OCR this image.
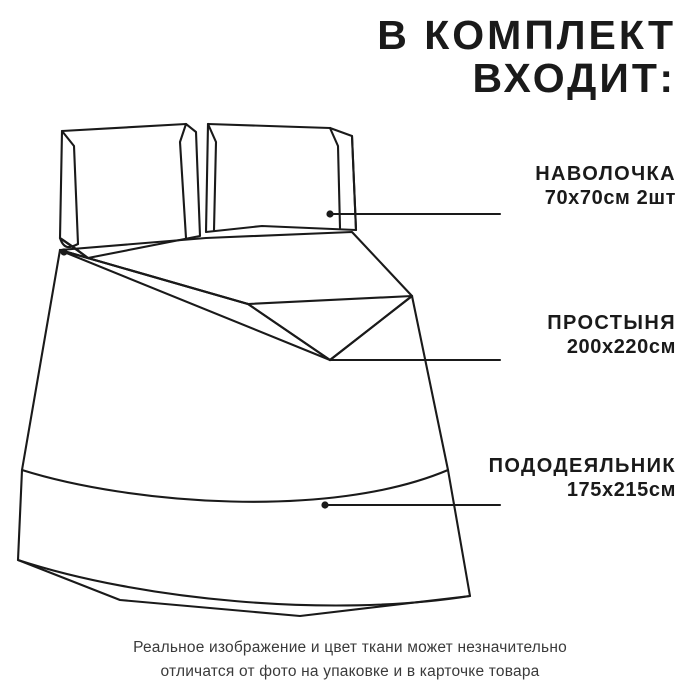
В КОМПЛЕКТ
ВХОДИТ:
НАВОЛОЧКА
70х70см 2шт
ПРОСТЫНЯ
200х220см
ПОДОДЕЯЛЬНИК
175х215см
Реальное изображение и цвет ткани может незначительно
отличатся от фото на упаковке и в карточке товара
